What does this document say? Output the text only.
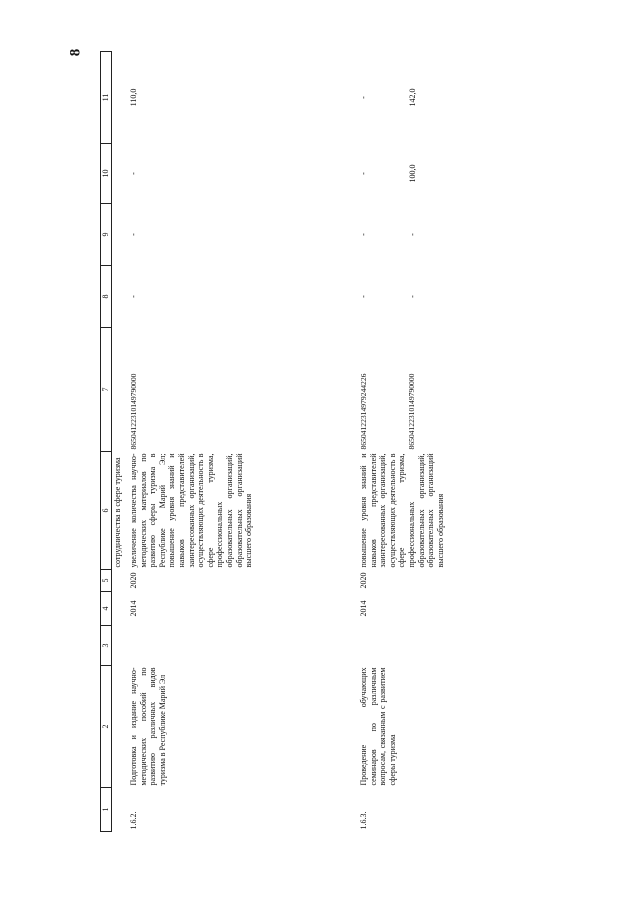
8
1	2	3	4	5	6	7	8	9	10	11
					сотрудничества в сфере туризма					
1.6.2.	Подготовка и издание научно-методических пособий по развитию различных видов туризма в Республике Марий Эл		2014	2020	увеличение количества научно-методических материалов по развитию сферы туризма в Республике Марий Эл; повышение уровня знаний и навыков представителей заинтересованных организаций, осуществляющих деятельность в сфере туризма, профессиональных образовательных организаций, образовательных организаций высшего образования	86504122310149790000	-	-	-	110,0
1.6.3.	Проведение обучающих семинаров по различным вопросам, связанным с развитием сферы туризма		2014	2020	повышение уровня знаний и навыков представителей заинтересованных организаций, осуществляющих деятельность в сфере туризма, профессиональных образовательных организаций, образовательных организаций высшего образования	86504122314979244226 86504122310149790000	- -	- -	- 100,0	- 142,0
